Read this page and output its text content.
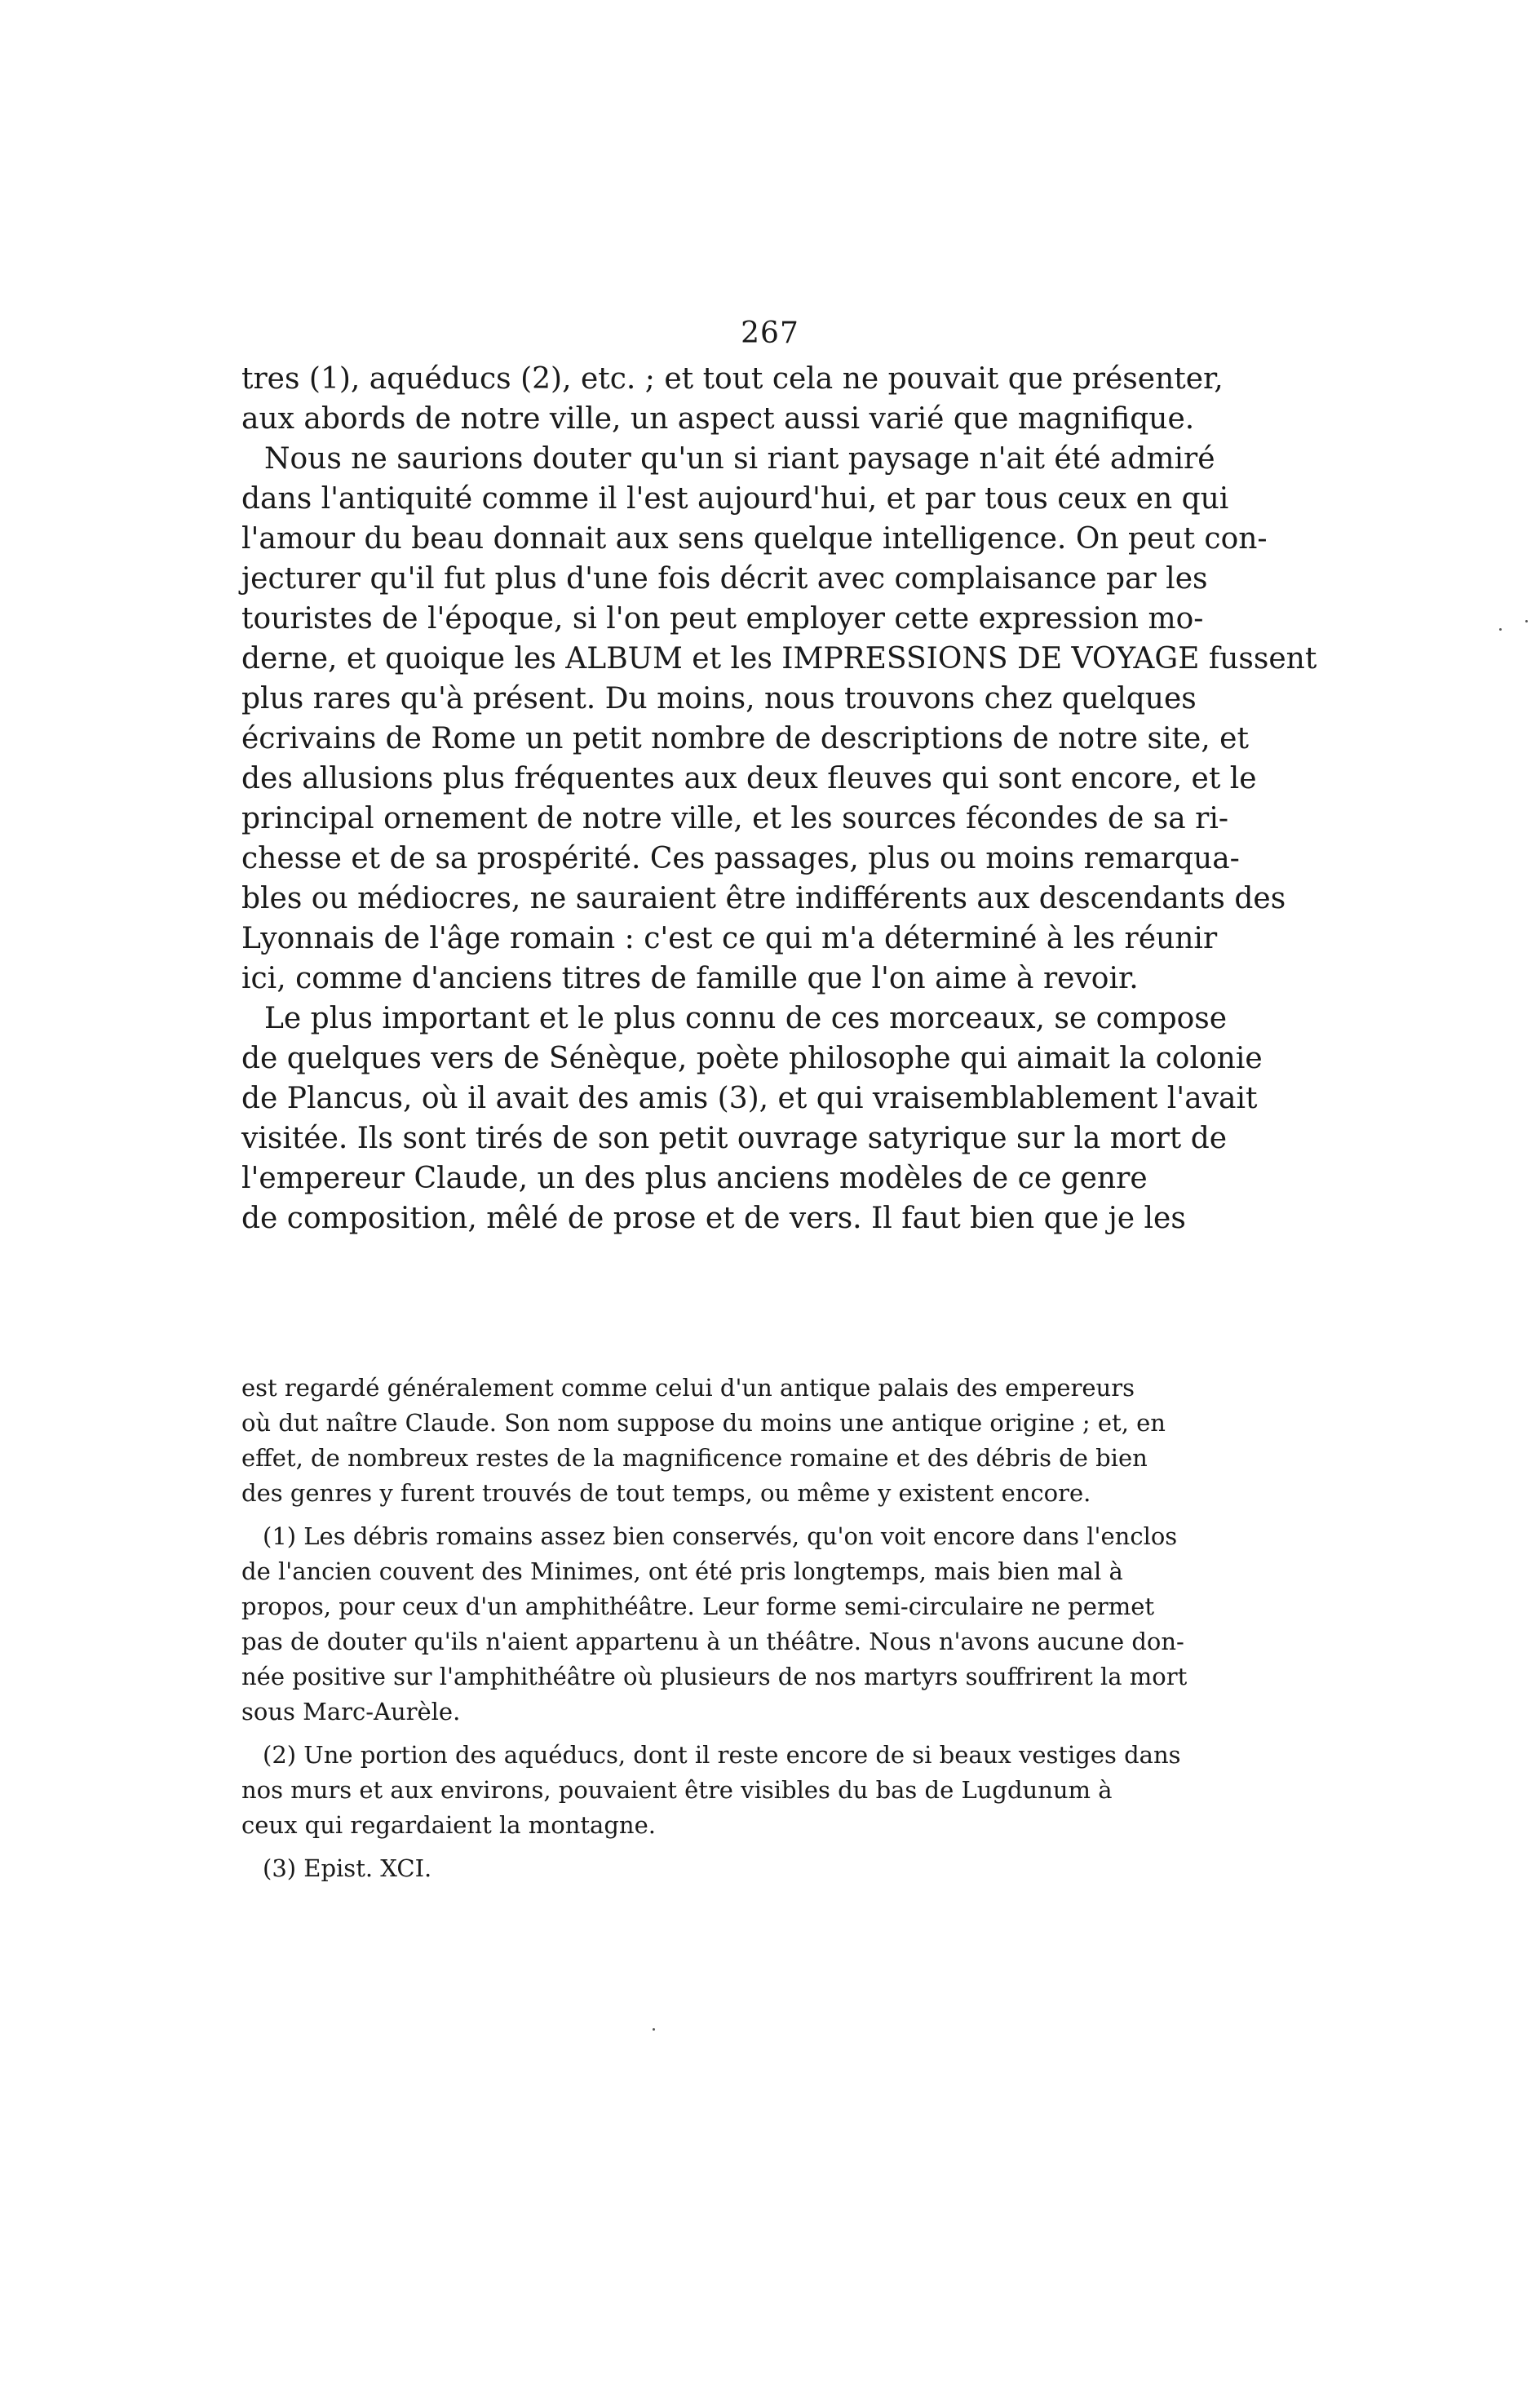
267
tres (1), aquéducs (2), etc. ; et tout cela ne pouvait que présenter,
aux abords de notre ville, un aspect aussi varié que magnifique.
Nous ne saurions douter qu'un si riant paysage n'ait été admiré
dans l'antiquité comme il l'est aujourd'hui, et par tous ceux en qui
l'amour du beau donnait aux sens quelque intelligence. On peut con-
jecturer qu'il fut plus d'une fois décrit avec complaisance par les
touristes de l'époque, si l'on peut employer cette expression mo-
derne, et quoique les ALBUM et les IMPRESSIONS DE VOYAGE fussent
plus rares qu'à présent. Du moins, nous trouvons chez quelques
écrivains de Rome un petit nombre de descriptions de notre site, et
des allusions plus fréquentes aux deux fleuves qui sont encore, et le
principal ornement de notre ville, et les sources fécondes de sa ri-
chesse et de sa prospérité. Ces passages, plus ou moins remarqua-
bles ou médiocres, ne sauraient être indifférents aux descendants des
Lyonnais de l'âge romain : c'est ce qui m'a déterminé à les réunir
ici, comme d'anciens titres de famille que l'on aime à revoir.
Le plus important et le plus connu de ces morceaux, se compose
de quelques vers de Sénèque, poète philosophe qui aimait la colonie
de Plancus, où il avait des amis (3), et qui vraisemblablement l'avait
visitée. Ils sont tirés de son petit ouvrage satyrique sur la mort de
l'empereur Claude, un des plus anciens modèles de ce genre
de composition, mêlé de prose et de vers. Il faut bien que je les
est regardé généralement comme celui d'un antique palais des empereurs
où dut naître Claude. Son nom suppose du moins une antique origine ; et, en
effet, de nombreux restes de la magnificence romaine et des débris de bien
des genres y furent trouvés de tout temps, ou même y existent encore.
(1) Les débris romains assez bien conservés, qu'on voit encore dans l'enclos
de l'ancien couvent des Minimes, ont été pris longtemps, mais bien mal à
propos, pour ceux d'un amphithéâtre. Leur forme semi-circulaire ne permet
pas de douter qu'ils n'aient appartenu à un théâtre. Nous n'avons aucune don-
née positive sur l'amphithéâtre où plusieurs de nos martyrs souffrirent la mort
sous Marc-Aurèle.
(2) Une portion des aquéducs, dont il reste encore de si beaux vestiges dans
nos murs et aux environs, pouvaient être visibles du bas de Lugdunum à
ceux qui regardaient la montagne.
(3) Epist. XCI.
